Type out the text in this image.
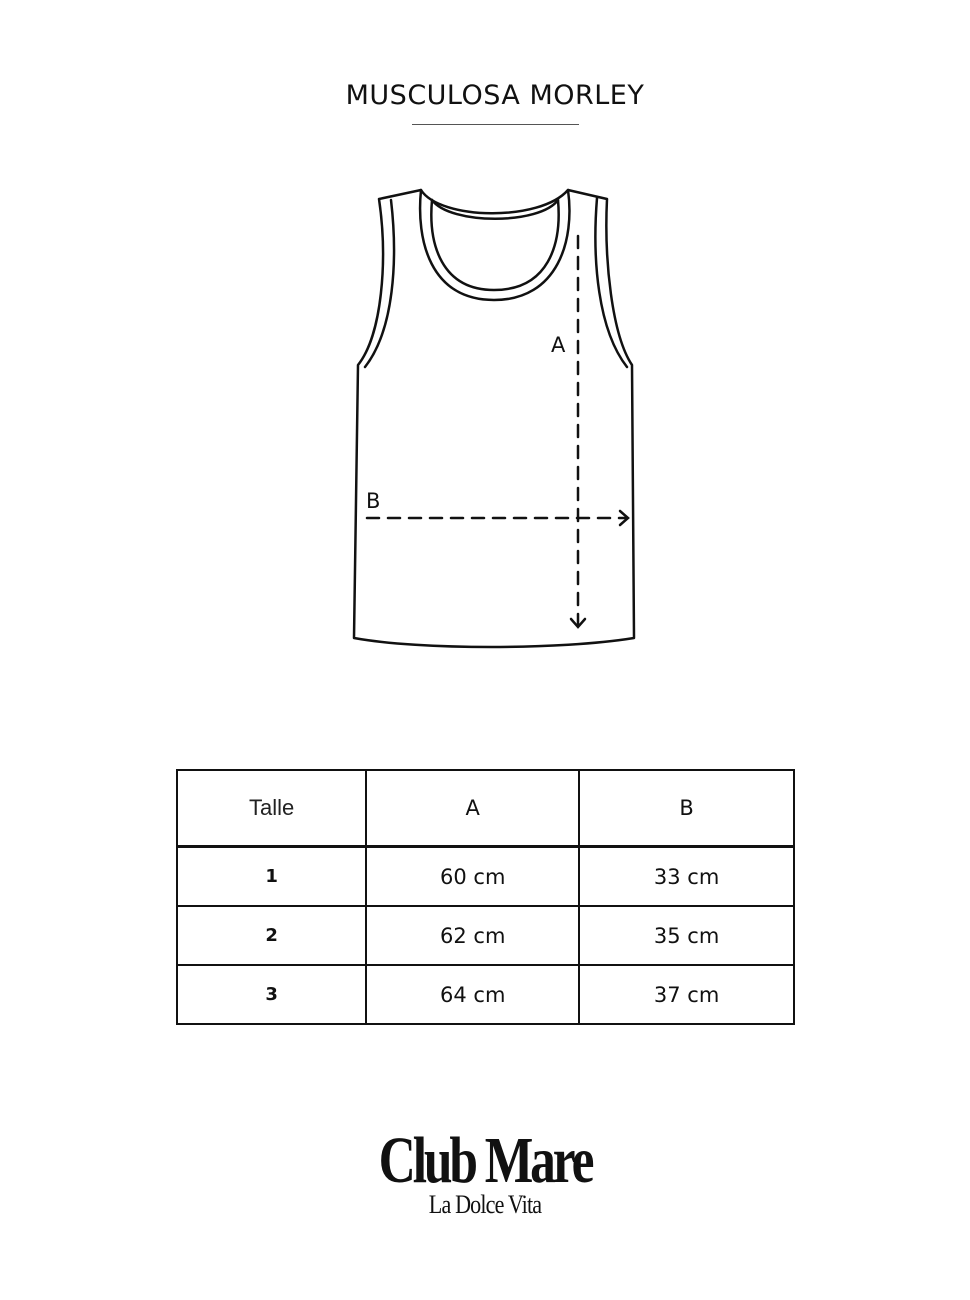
MUSCULOSA MORLEY
A
B
Talle	A	B
1	60 cm	33 cm
2	62 cm	35 cm
3	64 cm	37 cm
Club Mare
La Dolce Vita
